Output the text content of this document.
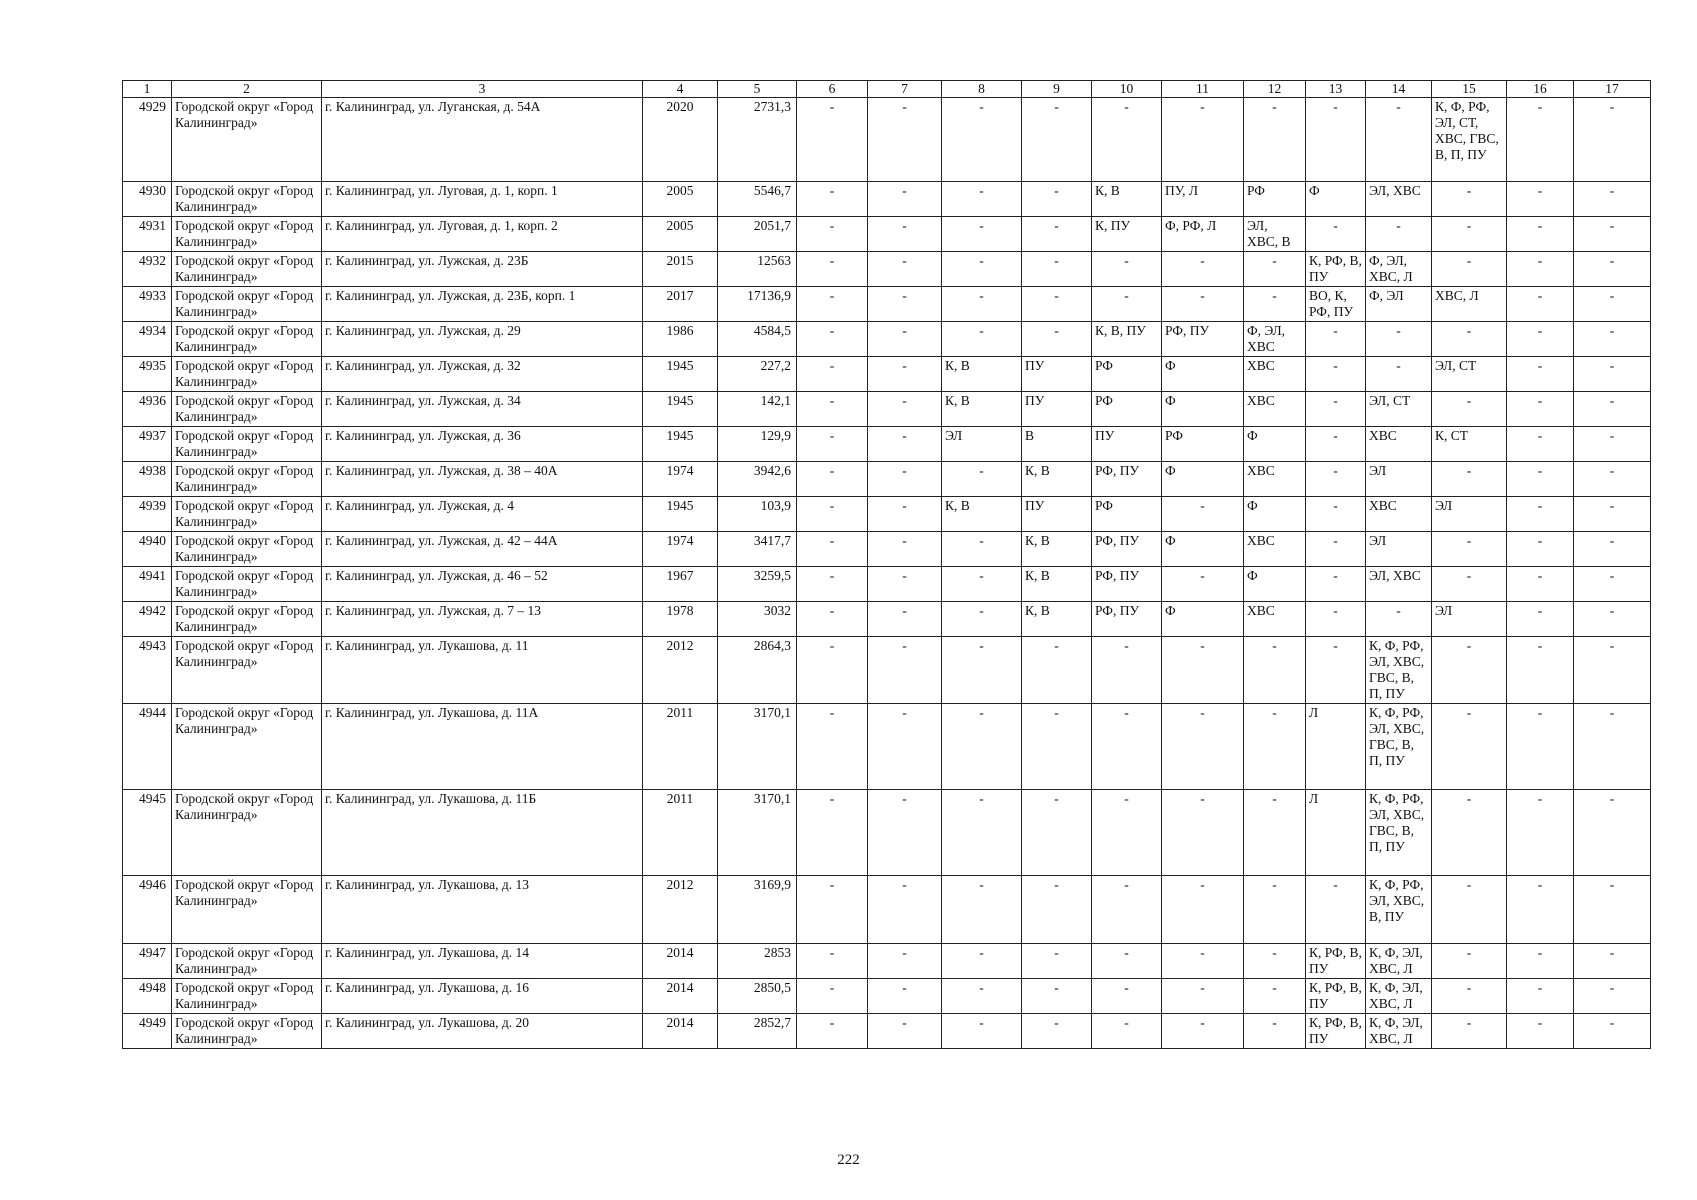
1	2	3	4	5	6	7	8	9	10	11	12	13	14	15	16	17
4929	Городской округ «Город Калининград»	г. Калининград, ул. Луганская, д. 54А	2020	2731,3	-	-	-	-	-	-	-	-	-	К, Ф, РФ, ЭЛ, СТ, ХВС, ГВС, В, П, ПУ	-	-
4930	Городской округ «Город Калининград»	г. Калининград, ул. Луговая, д. 1, корп. 1	2005	5546,7	-	-	-	-	К, В	ПУ, Л	РФ	Ф	ЭЛ, ХВС	-	-	-
4931	Городской округ «Город Калининград»	г. Калининград, ул. Луговая, д. 1, корп. 2	2005	2051,7	-	-	-	-	К, ПУ	Ф, РФ, Л	ЭЛ, ХВС, В	-	-	-	-	-
4932	Городской округ «Город Калининград»	г. Калининград, ул. Лужская, д. 23Б	2015	12563	-	-	-	-	-	-	-	К, РФ, В, ПУ	Ф, ЭЛ, ХВС, Л	-	-	-
4933	Городской округ «Город Калининград»	г. Калининград, ул. Лужская, д. 23Б, корп. 1	2017	17136,9	-	-	-	-	-	-	-	ВО, К, РФ, ПУ	Ф, ЭЛ	ХВС, Л	-	-
4934	Городской округ «Город Калининград»	г. Калининград, ул. Лужская, д. 29	1986	4584,5	-	-	-	-	К, В, ПУ	РФ, ПУ	Ф, ЭЛ, ХВС	-	-	-	-	-
4935	Городской округ «Город Калининград»	г. Калининград, ул. Лужская, д. 32	1945	227,2	-	-	К, В	ПУ	РФ	Ф	ХВС	-	-	ЭЛ, СТ	-	-
4936	Городской округ «Город Калининград»	г. Калининград, ул. Лужская, д. 34	1945	142,1	-	-	К, В	ПУ	РФ	Ф	ХВС	-	ЭЛ, СТ	-	-	-
4937	Городской округ «Город Калининград»	г. Калининград, ул. Лужская, д. 36	1945	129,9	-	-	ЭЛ	В	ПУ	РФ	Ф	-	ХВС	К, СТ	-	-
4938	Городской округ «Город Калининград»	г. Калининград, ул. Лужская, д. 38 – 40А	1974	3942,6	-	-	-	К, В	РФ, ПУ	Ф	ХВС	-	ЭЛ	-	-	-
4939	Городской округ «Город Калининград»	г. Калининград, ул. Лужская, д. 4	1945	103,9	-	-	К, В	ПУ	РФ	-	Ф	-	ХВС	ЭЛ	-	-
4940	Городской округ «Город Калининград»	г. Калининград, ул. Лужская, д. 42 – 44А	1974	3417,7	-	-	-	К, В	РФ, ПУ	Ф	ХВС	-	ЭЛ	-	-	-
4941	Городской округ «Город Калининград»	г. Калининград, ул. Лужская, д. 46 – 52	1967	3259,5	-	-	-	К, В	РФ, ПУ	-	Ф	-	ЭЛ, ХВС	-	-	-
4942	Городской округ «Город Калининград»	г. Калининград, ул. Лужская, д. 7 – 13	1978	3032	-	-	-	К, В	РФ, ПУ	Ф	ХВС	-	-	ЭЛ	-	-
4943	Городской округ «Город Калининград»	г. Калининград, ул. Лукашова, д. 11	2012	2864,3	-	-	-	-	-	-	-	-	К, Ф, РФ, ЭЛ, ХВС, ГВС, В, П, ПУ	-	-	-
4944	Городской округ «Город Калининград»	г. Калининград, ул. Лукашова, д. 11А	2011	3170,1	-	-	-	-	-	-	-	Л	К, Ф, РФ, ЭЛ, ХВС, ГВС, В, П, ПУ	-	-	-
4945	Городской округ «Город Калининград»	г. Калининград, ул. Лукашова, д. 11Б	2011	3170,1	-	-	-	-	-	-	-	Л	К, Ф, РФ, ЭЛ, ХВС, ГВС, В, П, ПУ	-	-	-
4946	Городской округ «Город Калининград»	г. Калининград, ул. Лукашова, д. 13	2012	3169,9	-	-	-	-	-	-	-	-	К, Ф, РФ, ЭЛ, ХВС, В, ПУ	-	-	-
4947	Городской округ «Город Калининград»	г. Калининград, ул. Лукашова, д. 14	2014	2853	-	-	-	-	-	-	-	К, РФ, В, ПУ	К, Ф, ЭЛ, ХВС, Л	-	-	-
4948	Городской округ «Город Калининград»	г. Калининград, ул. Лукашова, д. 16	2014	2850,5	-	-	-	-	-	-	-	К, РФ, В, ПУ	К, Ф, ЭЛ, ХВС, Л	-	-	-
4949	Городской округ «Город Калининград»	г. Калининград, ул. Лукашова, д. 20	2014	2852,7	-	-	-	-	-	-	-	К, РФ, В, ПУ	К, Ф, ЭЛ, ХВС, Л	-	-	-
222
